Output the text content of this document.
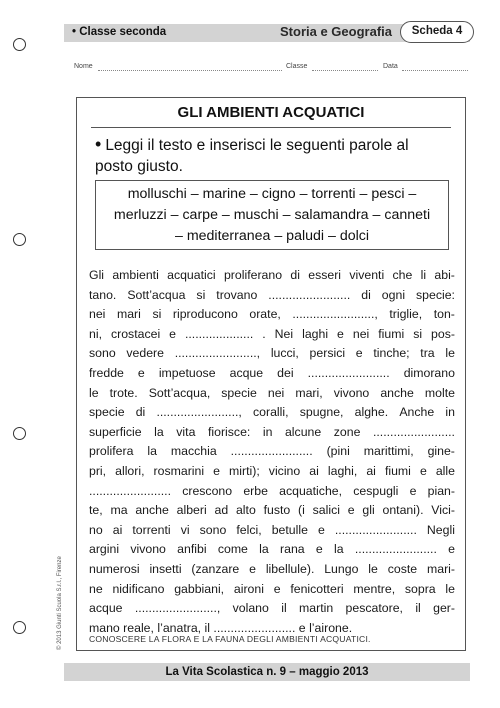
• Classe seconda	Storia e Geografia	Scheda 4
Nome	Classe	Data
GLI AMBIENTI ACQUATICI
• Leggi il testo e inserisci le seguenti parole al
posto giusto.
molluschi – marine – cigno – torrenti – pesci –
merluzzi – carpe – muschi – salamandra – canneti
– mediterranea – paludi – dolci
Gli ambienti acquatici proliferano di esseri viventi che li abi-
tano. Sott’acqua si trovano ........................ di ogni specie:
nei mari si riproducono orate, ........................, triglie, ton-
ni, crostacei e .................... . Nei laghi e nei fiumi si pos-
sono vedere ........................, lucci, persici e tinche; tra le
fredde e impetuose acque dei ........................ dimorano
le trote. Sott’acqua, specie nei mari, vivono anche molte
specie di ........................, coralli, spugne, alghe. Anche in
superficie la vita fiorisce: in alcune zone ........................
prolifera la macchia ........................ (pini marittimi, gine-
pri, allori, rosmarini e mirti); vicino ai laghi, ai fiumi e alle
........................ crescono erbe acquatiche, cespugli e pian-
te, ma anche alberi ad alto fusto (i salici e gli ontani). Vici-
no ai torrenti vi sono felci, betulle e ........................ Negli
argini vivono anfibi come la rana e la ........................ e
numerosi insetti (zanzare e libellule). Lungo le coste mari-
ne nidificano gabbiani, aironi e fenicotteri mentre, sopra le
acque ........................, volano il martin pescatore, il ger-
mano reale, l’anatra, il ........................ e l’airone.
CONOSCERE LA FLORA E LA FAUNA DEGLI AMBIENTI ACQUATICI.
La Vita Scolastica n. 9 – maggio 2013
© 2013 Giunti Scuola S.r.l., Firenze
